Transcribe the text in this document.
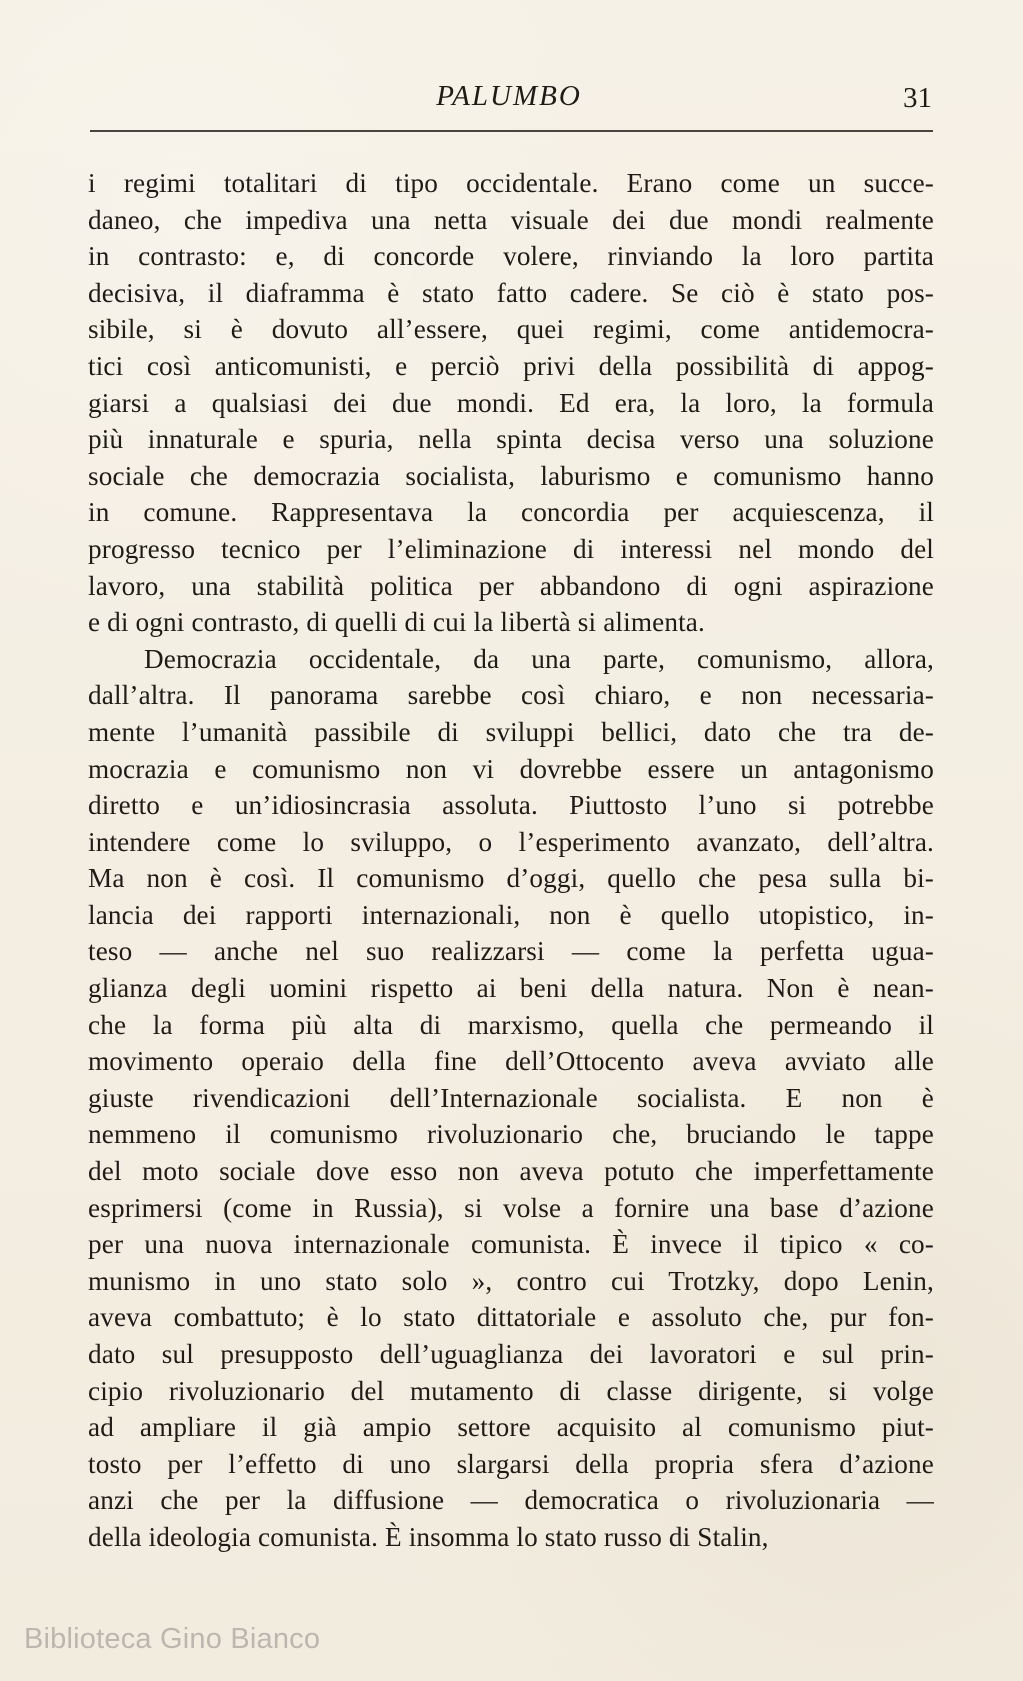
PALUMBO	31
i regimi totalitari di tipo occidentale. Erano come un succe-
daneo, che impediva una netta visuale dei due mondi realmente
in contrasto: e, di concorde volere, rinviando la loro partita
decisiva, il diaframma è stato fatto cadere. Se ciò è stato pos-
sibile, si è dovuto all’essere, quei regimi, come antidemocra-
tici così anticomunisti, e perciò privi della possibilità di appog-
giarsi a qualsiasi dei due mondi. Ed era, la loro, la formula
più innaturale e spuria, nella spinta decisa verso una soluzione
sociale che democrazia socialista, laburismo e comunismo hanno
in comune. Rappresentava la concordia per acquiescenza, il
progresso tecnico per l’eliminazione di interessi nel mondo del
lavoro, una stabilità politica per abbandono di ogni aspirazione
e di ogni contrasto, di quelli di cui la libertà si alimenta.
Democrazia occidentale, da una parte, comunismo, allora,
dall’altra. Il panorama sarebbe così chiaro, e non necessaria-
mente l’umanità passibile di sviluppi bellici, dato che tra de-
mocrazia e comunismo non vi dovrebbe essere un antagonismo
diretto e un’idiosincrasia assoluta. Piuttosto l’uno si potrebbe
intendere come lo sviluppo, o l’esperimento avanzato, dell’altra.
Ma non è così. Il comunismo d’oggi, quello che pesa sulla bi-
lancia dei rapporti internazionali, non è quello utopistico, in-
teso — anche nel suo realizzarsi — come la perfetta ugua-
glianza degli uomini rispetto ai beni della natura. Non è nean-
che la forma più alta di marxismo, quella che permeando il
movimento operaio della fine dell’Ottocento aveva avviato alle
giuste rivendicazioni dell’Internazionale socialista. E non è
nemmeno il comunismo rivoluzionario che, bruciando le tappe
del moto sociale dove esso non aveva potuto che imperfettamente
esprimersi (come in Russia), si volse a fornire una base d’azione
per una nuova internazionale comunista. È invece il tipico « co-
munismo in uno stato solo », contro cui Trotzky, dopo Lenin,
aveva combattuto; è lo stato dittatoriale e assoluto che, pur fon-
dato sul presupposto dell’uguaglianza dei lavoratori e sul prin-
cipio rivoluzionario del mutamento di classe dirigente, si volge
ad ampliare il già ampio settore acquisito al comunismo piut-
tosto per l’effetto di uno slargarsi della propria sfera d’azione
anzi che per la diffusione — democratica o rivoluzionaria —
della ideologia comunista. È insomma lo stato russo di Stalin,
Biblioteca Gino Bianco
